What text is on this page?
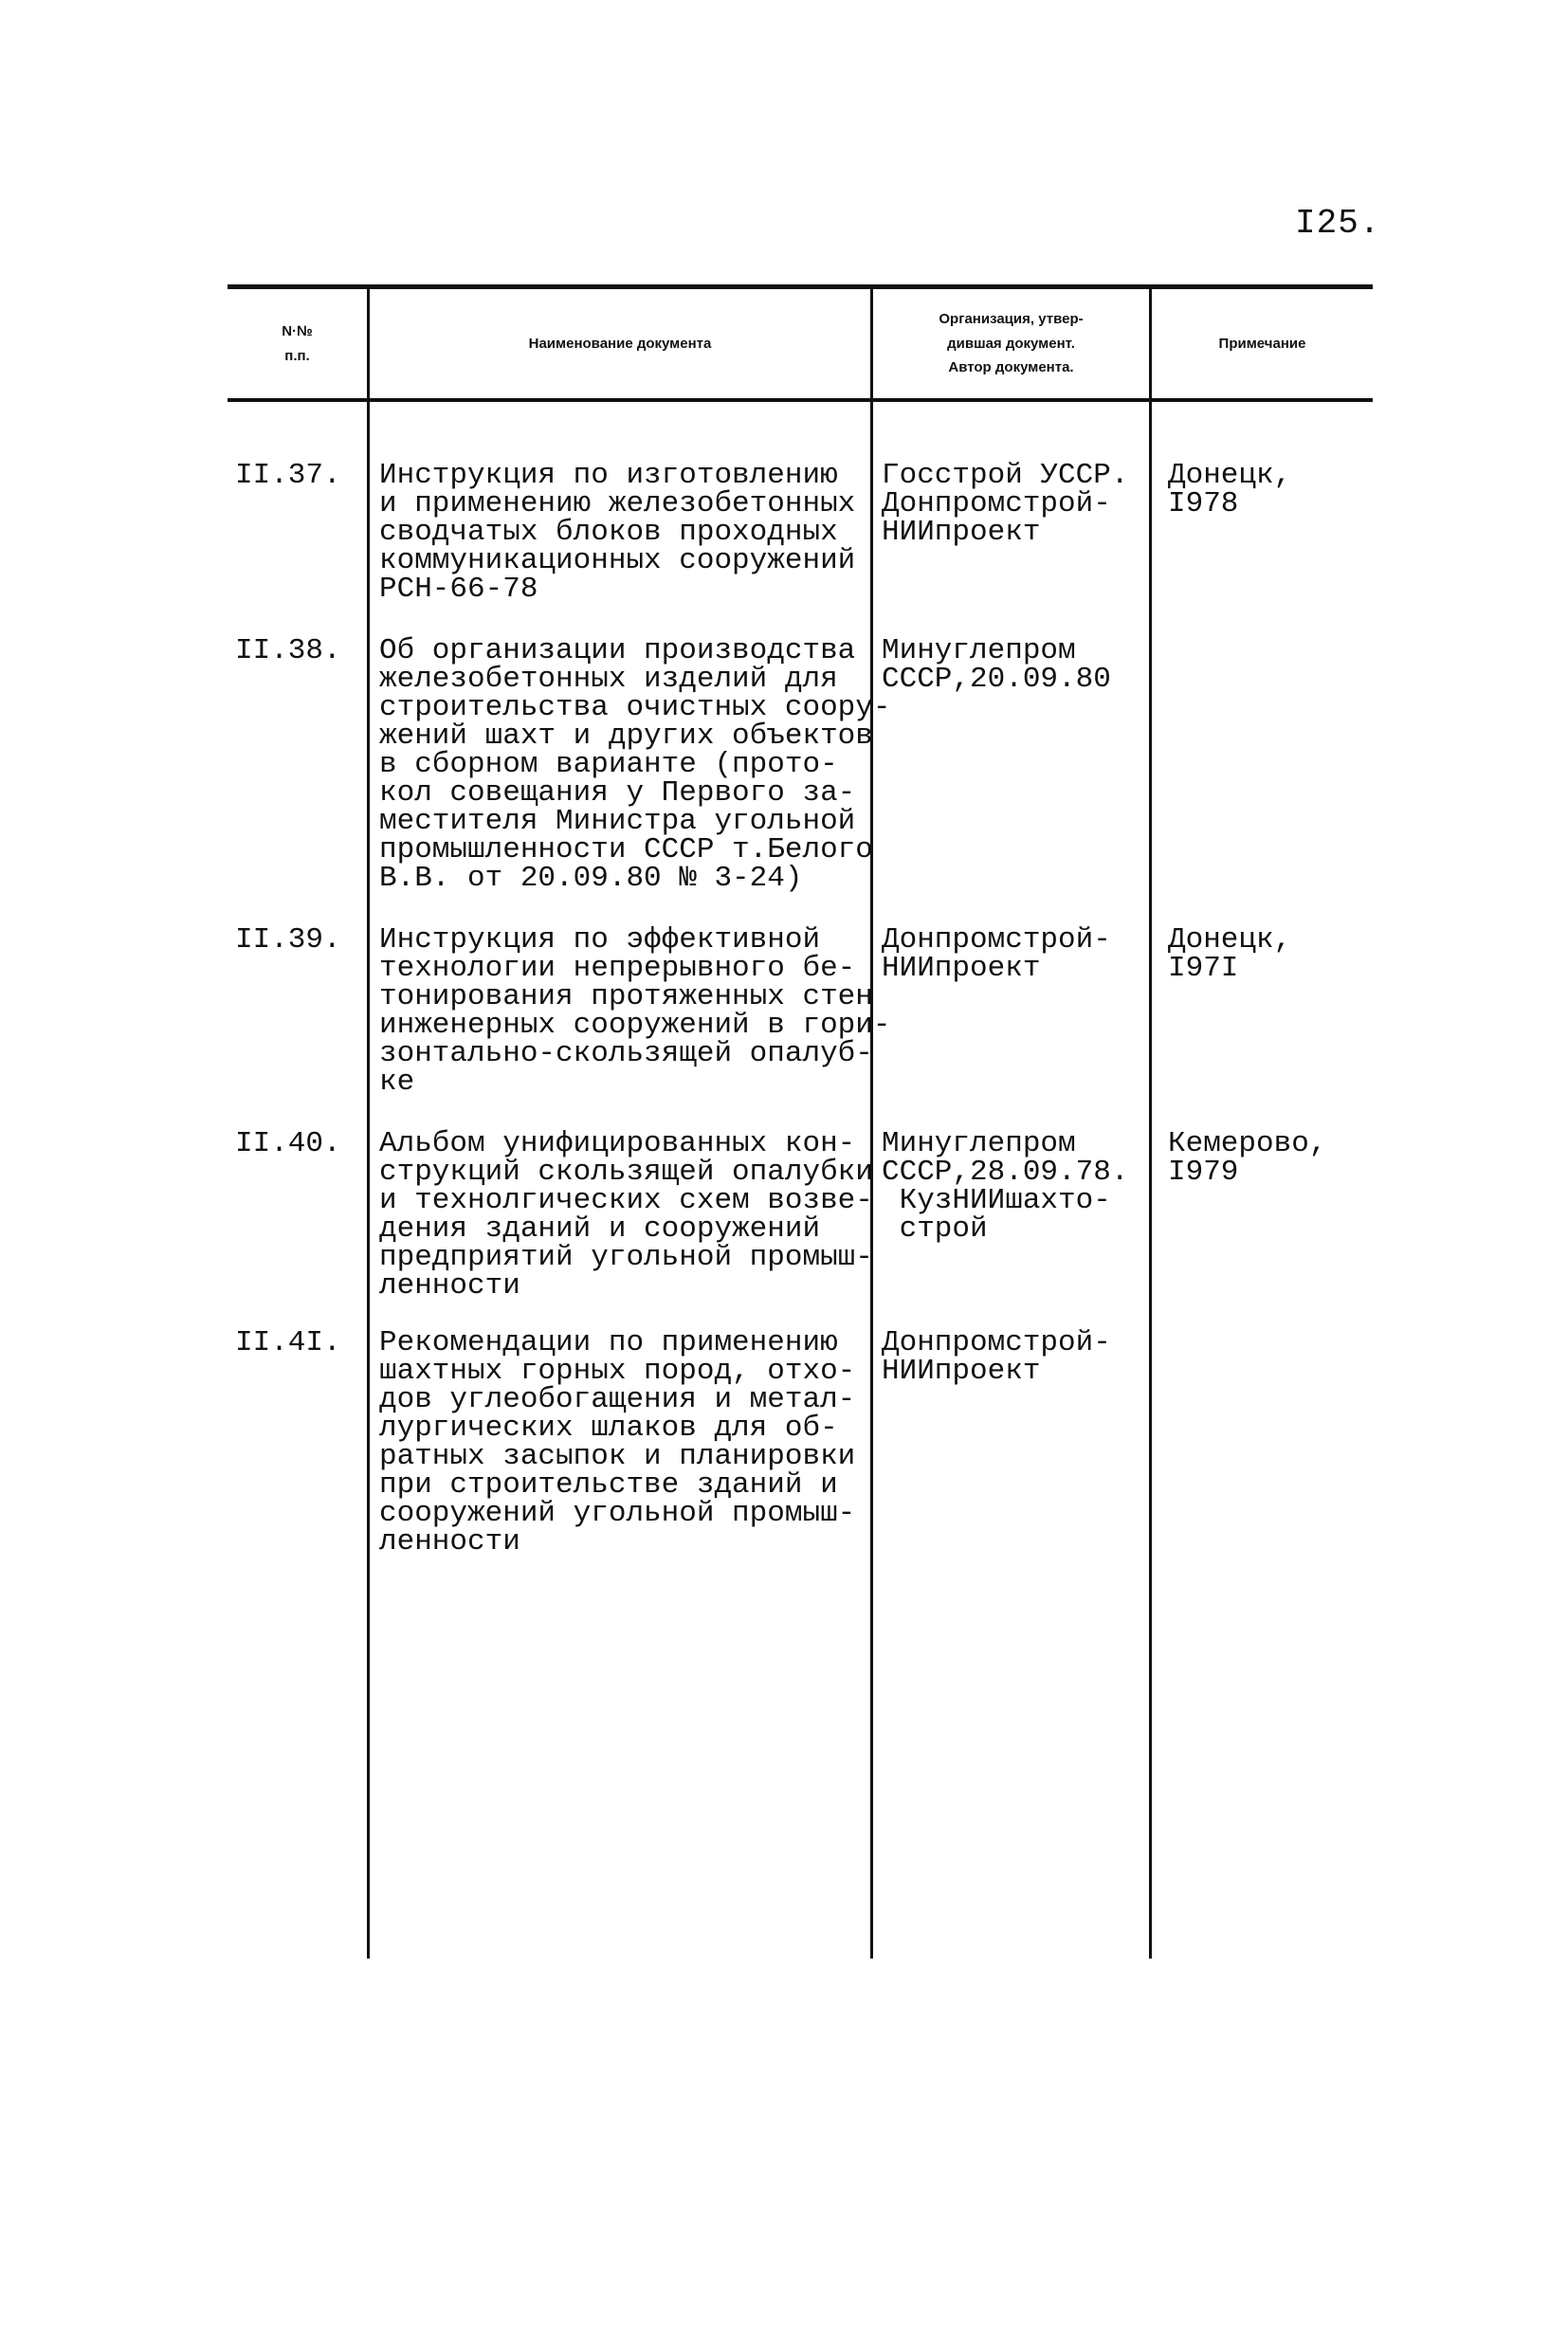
I25.
N·№
п.п.
Наименование документа
Организация, утвер-
дившая документ.
Автор документа.
Примечание
II.37. Инструкция по изготовлению
и применению железобетонных
сводчатых блоков проходных
коммуникационных сооружений
РСН-66-78
Госстрой УССР.
Донпромстрой-
НИИпроект
Донецк,
I978
II.38. Об организации производства
железобетонных изделий для
строительства очистных соору-
жений шахт и других объектов
в сборном варианте (прото-
кол совещания у Первого за-
местителя Министра угольной
промышленности СССР т.Белого
В.В. от 20.09.80 № 3-24)
Минуглепром
СССР,20.09.80
II.39. Инструкция по эффективной
технологии непрерывного бе-
тонирования протяженных стен
инженерных сооружений в гори-
зонтально-скользящей опалуб-
ке
Донпромстрой-
НИИпроект
Донецк,
I97I
II.40. Альбом унифицированных кон-
струкций скользящей опалубки
и технолгических схем возве-
дения зданий и сооружений
предприятий угольной промыш-
ленности
Минуглепром
СССР,28.09.78.
КузНИИшахто-
строй
Кемерово,
I979
II.4I. Рекомендации по применению
шахтных горных пород, отхо-
дов углеобогащения и метал-
лургических шлаков для об-
ратных засыпок и планировки
при строительстве зданий и
сооружений угольной промыш-
ленности
Донпромстрой-
НИИпроект
